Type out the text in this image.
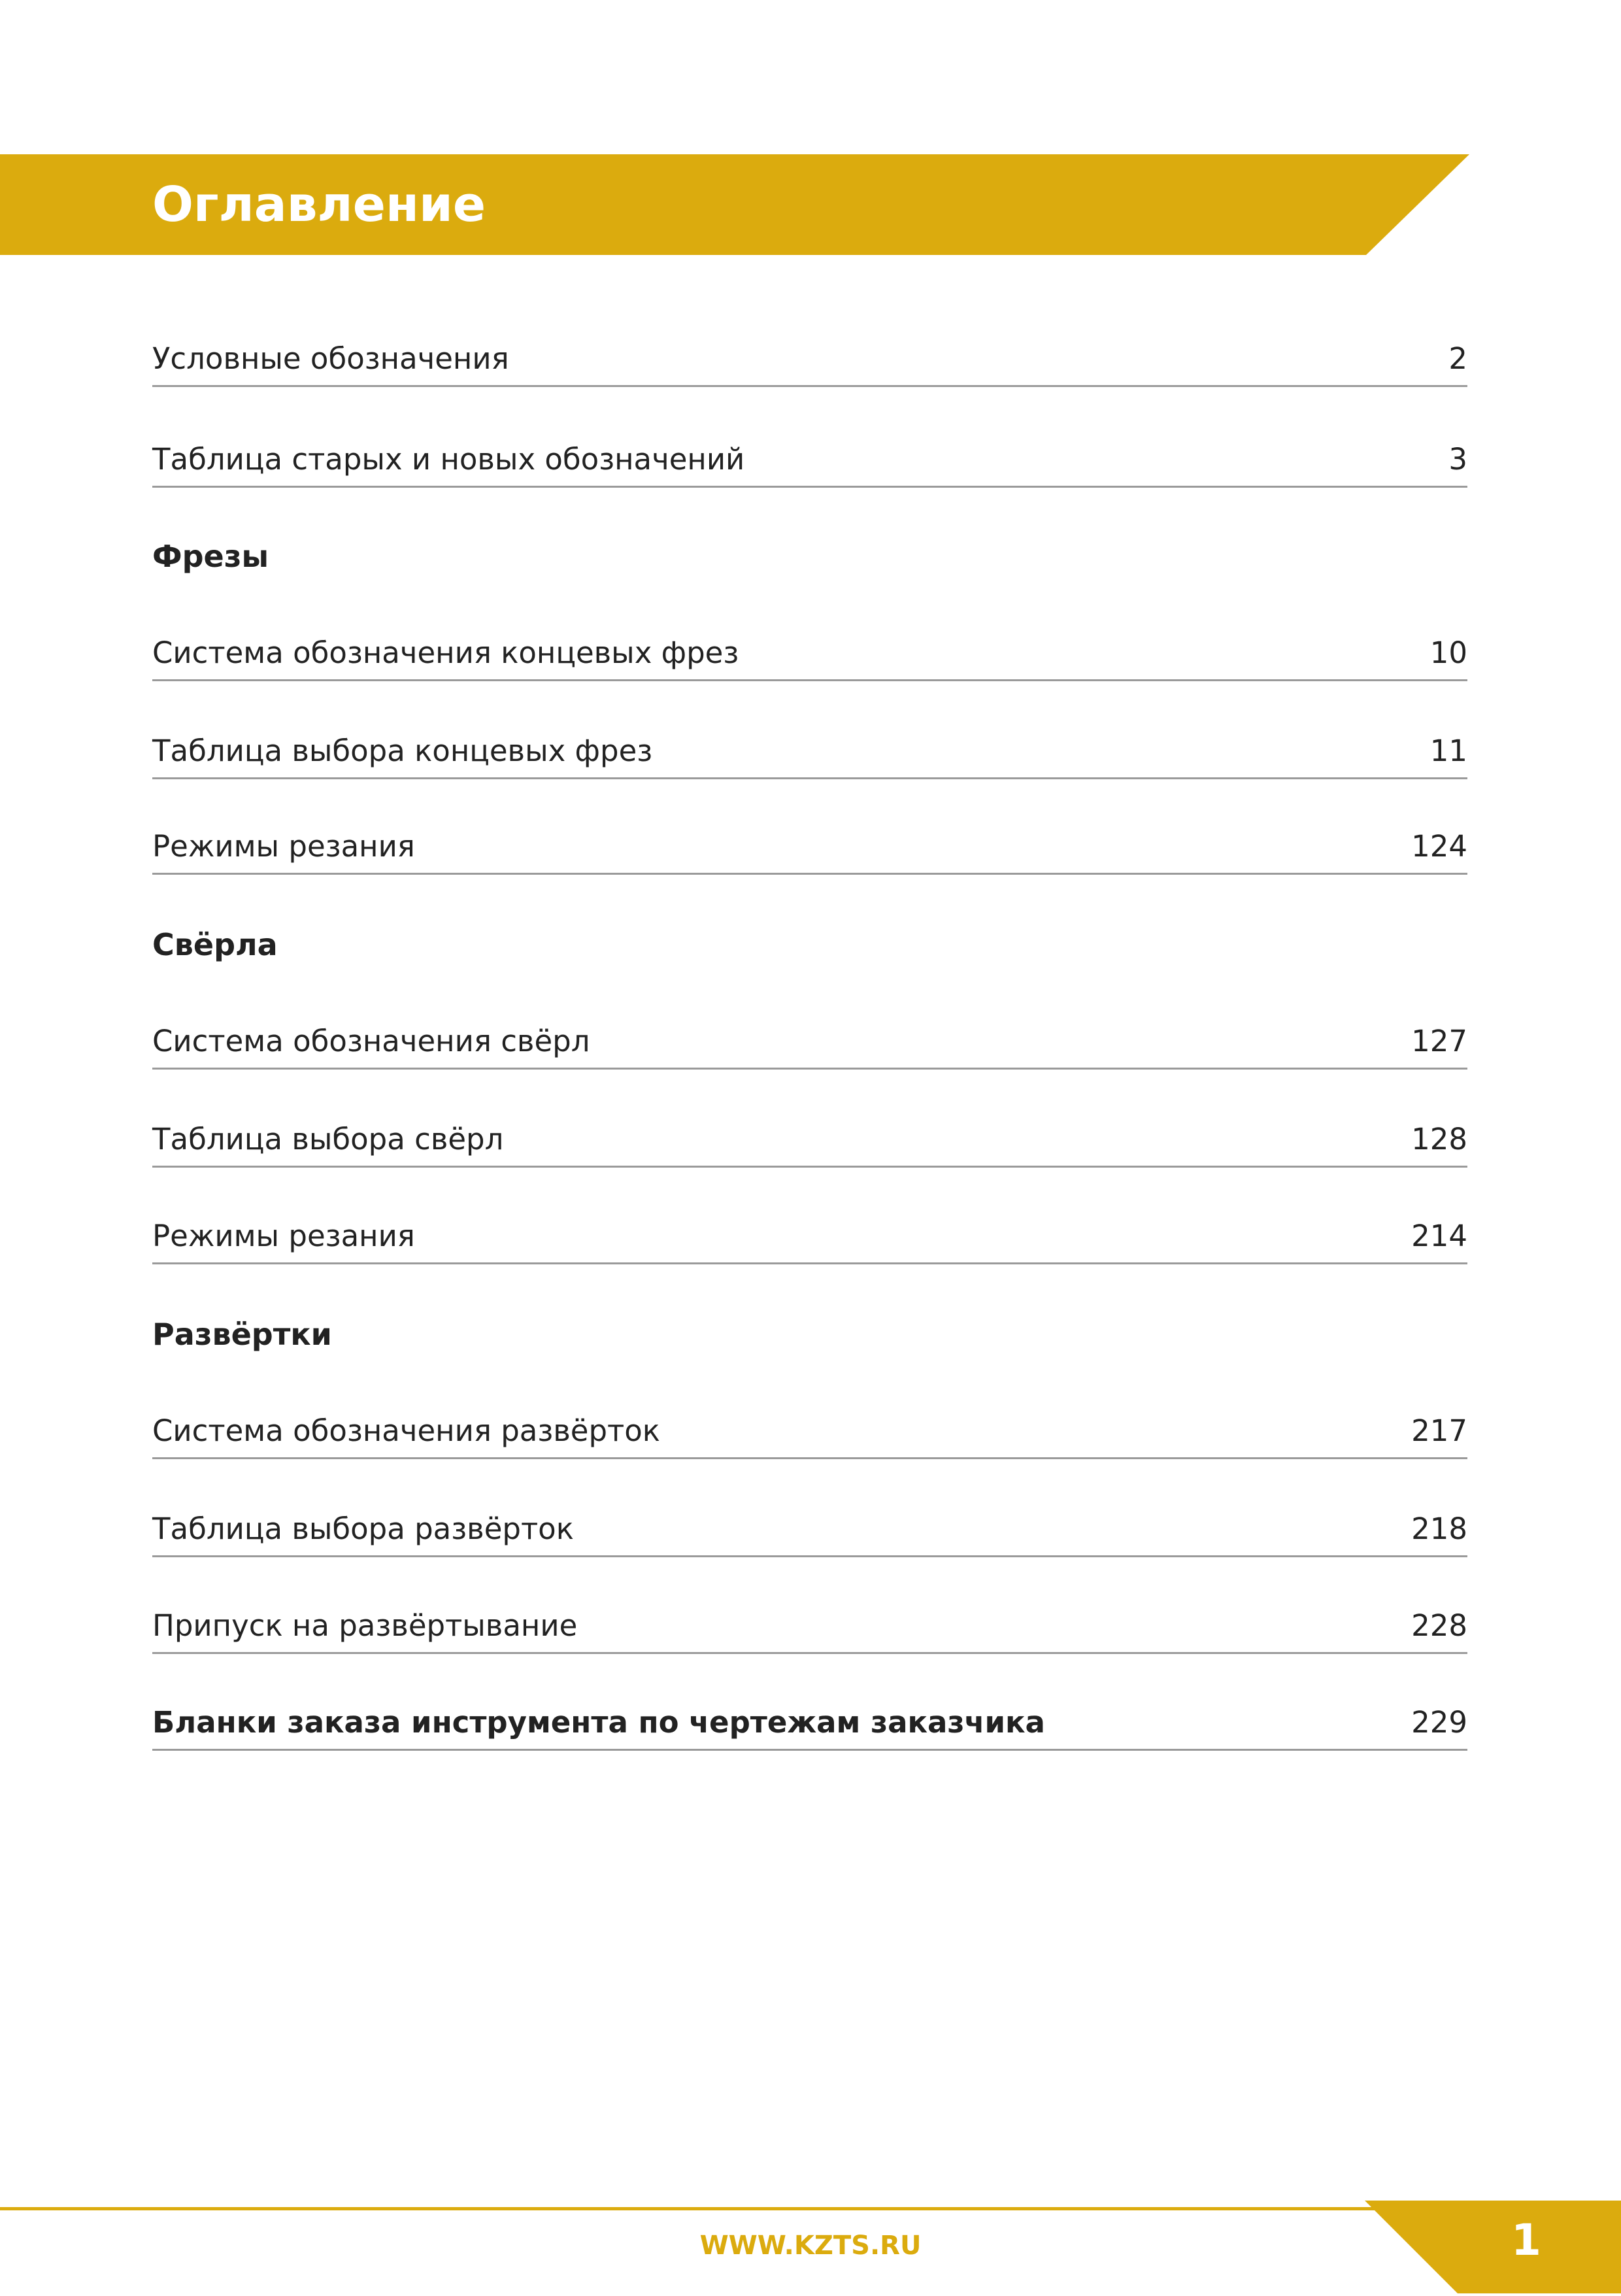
Оглавление
Условные обозначения	2
Таблица старых и новых обозначений	3
Фрезы
Система обозначения концевых фрез	10
Таблица выбора концевых фрез	11
Режимы резания	124
Свёрла
Система обозначения свёрл	127
Таблица выбора свёрл	128
Режимы резания	214
Развёртки
Система обозначения развёрток	217
Таблица выбора развёрток	218
Припуск на развёртывание	228
Бланки заказа инструмента по чертежам заказчика	229
WWW.KZTS.RU	1
